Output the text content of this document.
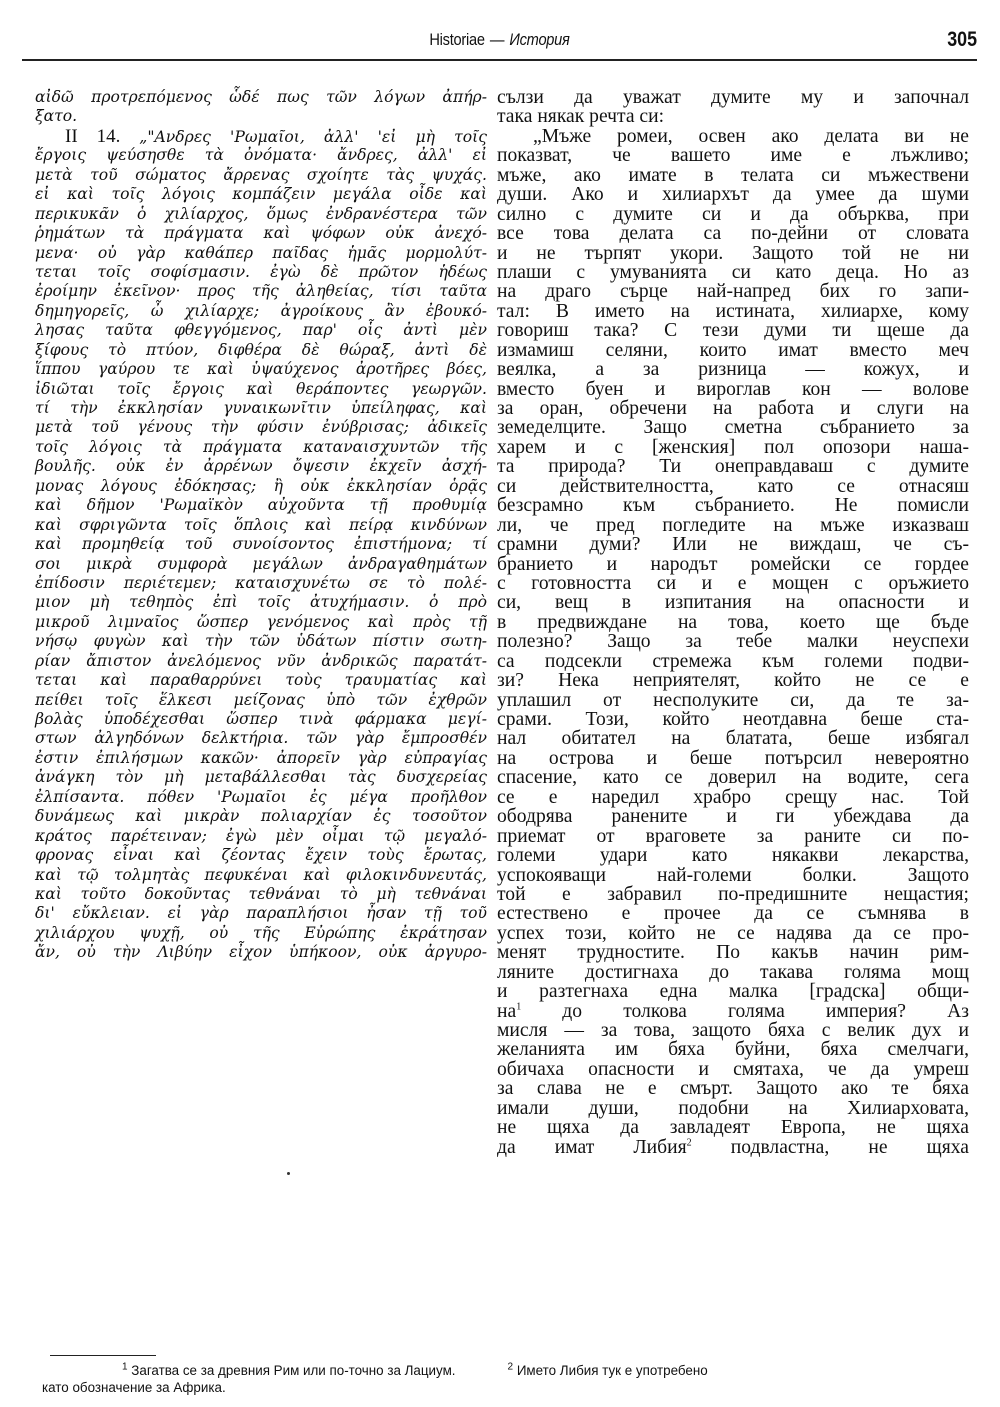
Historiae — История	305
αἰδῶ προτρεπόμενος ὧδέ πως τῶν λόγων ἀπήρ-
ξατο.
II 14. „"Ανδρες 'Ρωμαῖοι, ἀλλ' 'εἰ μὴ τοῖς
ἔργοις ψεύσησθε τὰ ὀνόματα· ἄνδρες, ἀλλ' εἰ
μετὰ τοῦ σώματος ἄρρενας σχοίητε τὰς ψυχάς.
εἰ καὶ τοῖς λόγοις κομπάζειν μεγάλα οἶδε καὶ
περικυκᾶν ὁ χιλίαρχος, ὅμως ἐνδρανέστερα τῶν
ῥημάτων τὰ πράγματα καὶ ψόφων οὐκ ἀνεχό-
μενα· οὐ γὰρ καθάπερ παῖδας ἡμᾶς μορμολύτ-
τεται τοῖς σοφίσμασιν. ἐγὼ δὲ πρῶτον ἡδέως
ἐροίμην ἐκεῖνον· προς τῆς ἀληθείας, τίσι ταῦτα
δημηγορεῖς, ὦ χιλίαρχε; ἀγροίκους ἂν ἐβουκό-
λησας ταῦτα φθεγγόμενος, παρ' οἷς ἀντὶ μὲν
ξίφους τὸ πτύον, διφθέρα δὲ θώραξ, ἀντὶ δὲ
ἵππου γαύρου τε καὶ ὑψαύχενος ἀροτῆρες βόες,
ἰδιῶται τοῖς ἔργοις καὶ θεράποντες γεωργῶν.
τί τὴν ἐκκλησίαν γυναικωνῖτιν ὑπείληφας, καὶ
μετὰ τοῦ γένους τὴν φύσιν ἐνύβρισας; ἀδικεῖς
τοῖς λόγοις τὰ πράγματα καταναισχυντῶν τῆς
βουλῆς. οὐκ ἐν ἀρρένων ὄψεσιν ἐκχεῖν ἀσχή-
μονας λόγους ἐδόκησας; ἢ οὐκ ἐκκλησίαν ὁρᾷς
καὶ δῆμον 'Ρωμαϊκὸν αὐχοῦντα τῇ προθυμίᾳ
καὶ σφριγῶντα τοῖς ὅπλοις καὶ πείρᾳ κινδύνων
καὶ προμηθείᾳ τοῦ συνοίσοντος ἐπιστήμονα; τί
σοι μικρὰ συμφορὰ μεγάλων ἀνδραγαθημάτων
ἐπίδοσιν περιέτεμεν; καταισχυνέτω σε τὸ πολέ-
μιον μὴ τεθηπὸς ἐπὶ τοῖς ἀτυχήμασιν. ὁ πρὸ
μικροῦ λιμναῖος ὥσπερ γενόμενος καὶ πρὸς τῇ
νήσῳ φυγὼν καὶ τὴν τῶν ὑδάτων πίστιν σωτη-
ρίαν ἄπιστον ἀνελόμενος νῦν ἀνδρικῶς παρατάτ-
τεται καὶ παραθαρρύνει τοὺς τραυματίας καὶ
πείθει τοῖς ἕλκεσι μείζονας ὑπὸ τῶν ἐχθρῶν
βολὰς ὑποδέχεσθαι ὥσπερ τινὰ φάρμακα μεγί-
στων ἀλγηδόνων δελκτήρια. τῶν γὰρ ἔμπροσθέν
ἐστιν ἐπιλήσμων κακῶν· ἀπορεῖν γὰρ εὐπραγίας
ἀνάγκη τὸν μὴ μεταβάλλεσθαι τὰς δυσχερείας
ἐλπίσαντα. πόθεν 'Ρωμαῖοι ἐς μέγα προῆλθον
δυνάμεως καὶ μικρὰν πολιαρχίαν ἐς τοσοῦτον
κράτος παρέτειναν; ἐγὼ μὲν οἶμαι τῷ μεγαλό-
φρονας εἶναι καὶ ζέοντας ἔχειν τοὺς ἔρωτας,
καὶ τῷ τολμητὰς πεφυκέναι καὶ φιλοκινδυνευτάς,
καὶ τοῦτο δοκοῦντας τεθνάναι τὸ μὴ τεθνάναι
δι' εὔκλειαν. εἰ γὰρ παραπλήσιοι ἦσαν τῇ τοῦ
χιλιάρχου ψυχῇ, οὐ τῆς Εὐρώπης ἐκράτησαν
ἄν, οὐ τὴν Λιβύην εἶχον ὑπήκοον, οὐκ ἀργυρο-
сълзи да уважат думите му и започнал
така някак речта си:
„Мъже ромеи, освен ако делата ви не
показват, че вашето име е лъжливо;
мъже, ако имате в телата си мъжествени
души. Ако и хилиархът да умее да шуми
силно с думите си и да обърква, при
все това делата са по-дейни от словата
и не търпят укори. Защото той не ни
плаши с умуванията си като деца. Но аз
на драго сърце най-напред бих го запи-
тал: В името на истината, хилиархе, кому
говориш така? С тези думи ти щеше да
измамиш селяни, които имат вместо меч
веялка, а за ризница — кожух, и
вместо буен и вироглав кон — волове
за оран, обречени на работа и слуги на
земеделците. Защо сметна събранието за
харем и с [женския] пол опозори наша-
та природа? Ти онеправдаваш с думите
си действителността, като се отнасяш
безсрамно към събранието. Не помисли
ли, че пред погледите на мъже изказваш
срамни думи? Или не виждаш, че съ-
бранието и народът ромейски се гордее
с готовността си и е мощен с оръжието
си, вещ в изпитания на опасности и
в предвиждане на това, което ще бъде
полезно? Защо за тебе малки неуспехи
са подсекли стремежа към големи подви-
зи? Нека неприятелят, който не се е
уплашил от несполуките си, да те за-
срами. Този, който неотдавна беше ста-
нал обитател на блатата, беше избягал
на острова и беше потърсил невероятно
спасение, като се доверил на водите, сега
се е наредил храбро срещу нас. Той
ободрява ранените и ги убеждава да
приемат от враговете за раните си по-
големи удари като някакви лекарства,
успокояващи най-големи болки. Защото
той е забравил по-предишните нещастия;
естествено е прочее да се съмнява в
успех този, който не се надява да се про-
менят трудностите. По какъв начин рим-
ляните достигнаха до такава голяма мощ
и разтегнаха една малка [градска] общи-
$на^1$ до толкова голяма империя? Аз
мисля — за това, защото бяха с велик дух и
желанията им бяха буйни, бяха смелчаги,
обичаха опасности и смятаха, че да умреш
за слава не е смърт. Защото ако те бяха
имали души, подобни на Хилиарховата,
не щяха да завладеят Европа, не щяха
да имат Либия$^2$ подвластна, не щяха
$^1$ Загатва се за древния Рим или по-точно за Лациум.	$^2$ Името Либия тук е употребено
като обозначение за Африка.
